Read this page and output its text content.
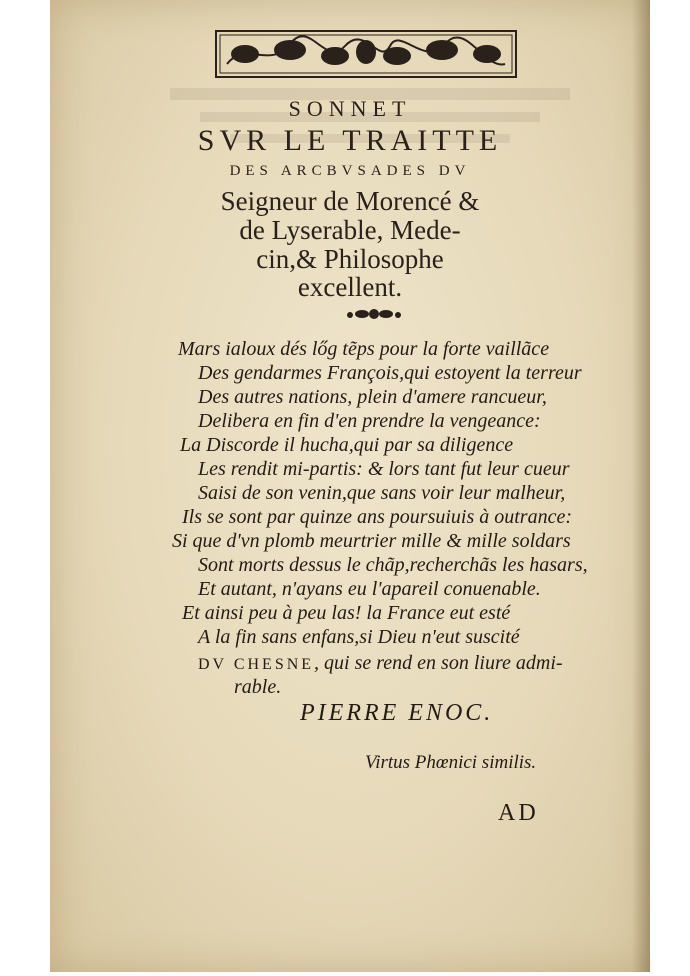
SONNET
SVR LE TRAITTE
DES ARCBVSADES DV
Seigneur de Morencé &
de Lyserable, Mede-
cin,& Philosophe
excellent.
Mars ialoux dés lőg tẽps pour la forte vaillãce
Des gendarmes François,qui estoyent la terreur
Des autres nations, plein d'amere rancueur,
Delibera en fin d'en prendre la vengeance:
La Discorde il hucha,qui par sa diligence
Les rendit mi-partis: & lors tant fut leur cueur
Saisi de son venin,que sans voir leur malheur,
Ils se sont par quinze ans poursuiuis à outrance:
Si que d'vn plomb meurtrier mille & mille soldars
Sont morts dessus le chãp,recherchãs les hasars,
Et autant, n'ayans eu l'apareil conuenable.
Et ainsi peu à peu las! la France eut esté
A la fin sans enfans,si Dieu n'eut suscité
DV CHESNE, qui se rend en son liure admi-
rable.
PIERRE ENOC.
Virtus Phœnici similis.
AD
